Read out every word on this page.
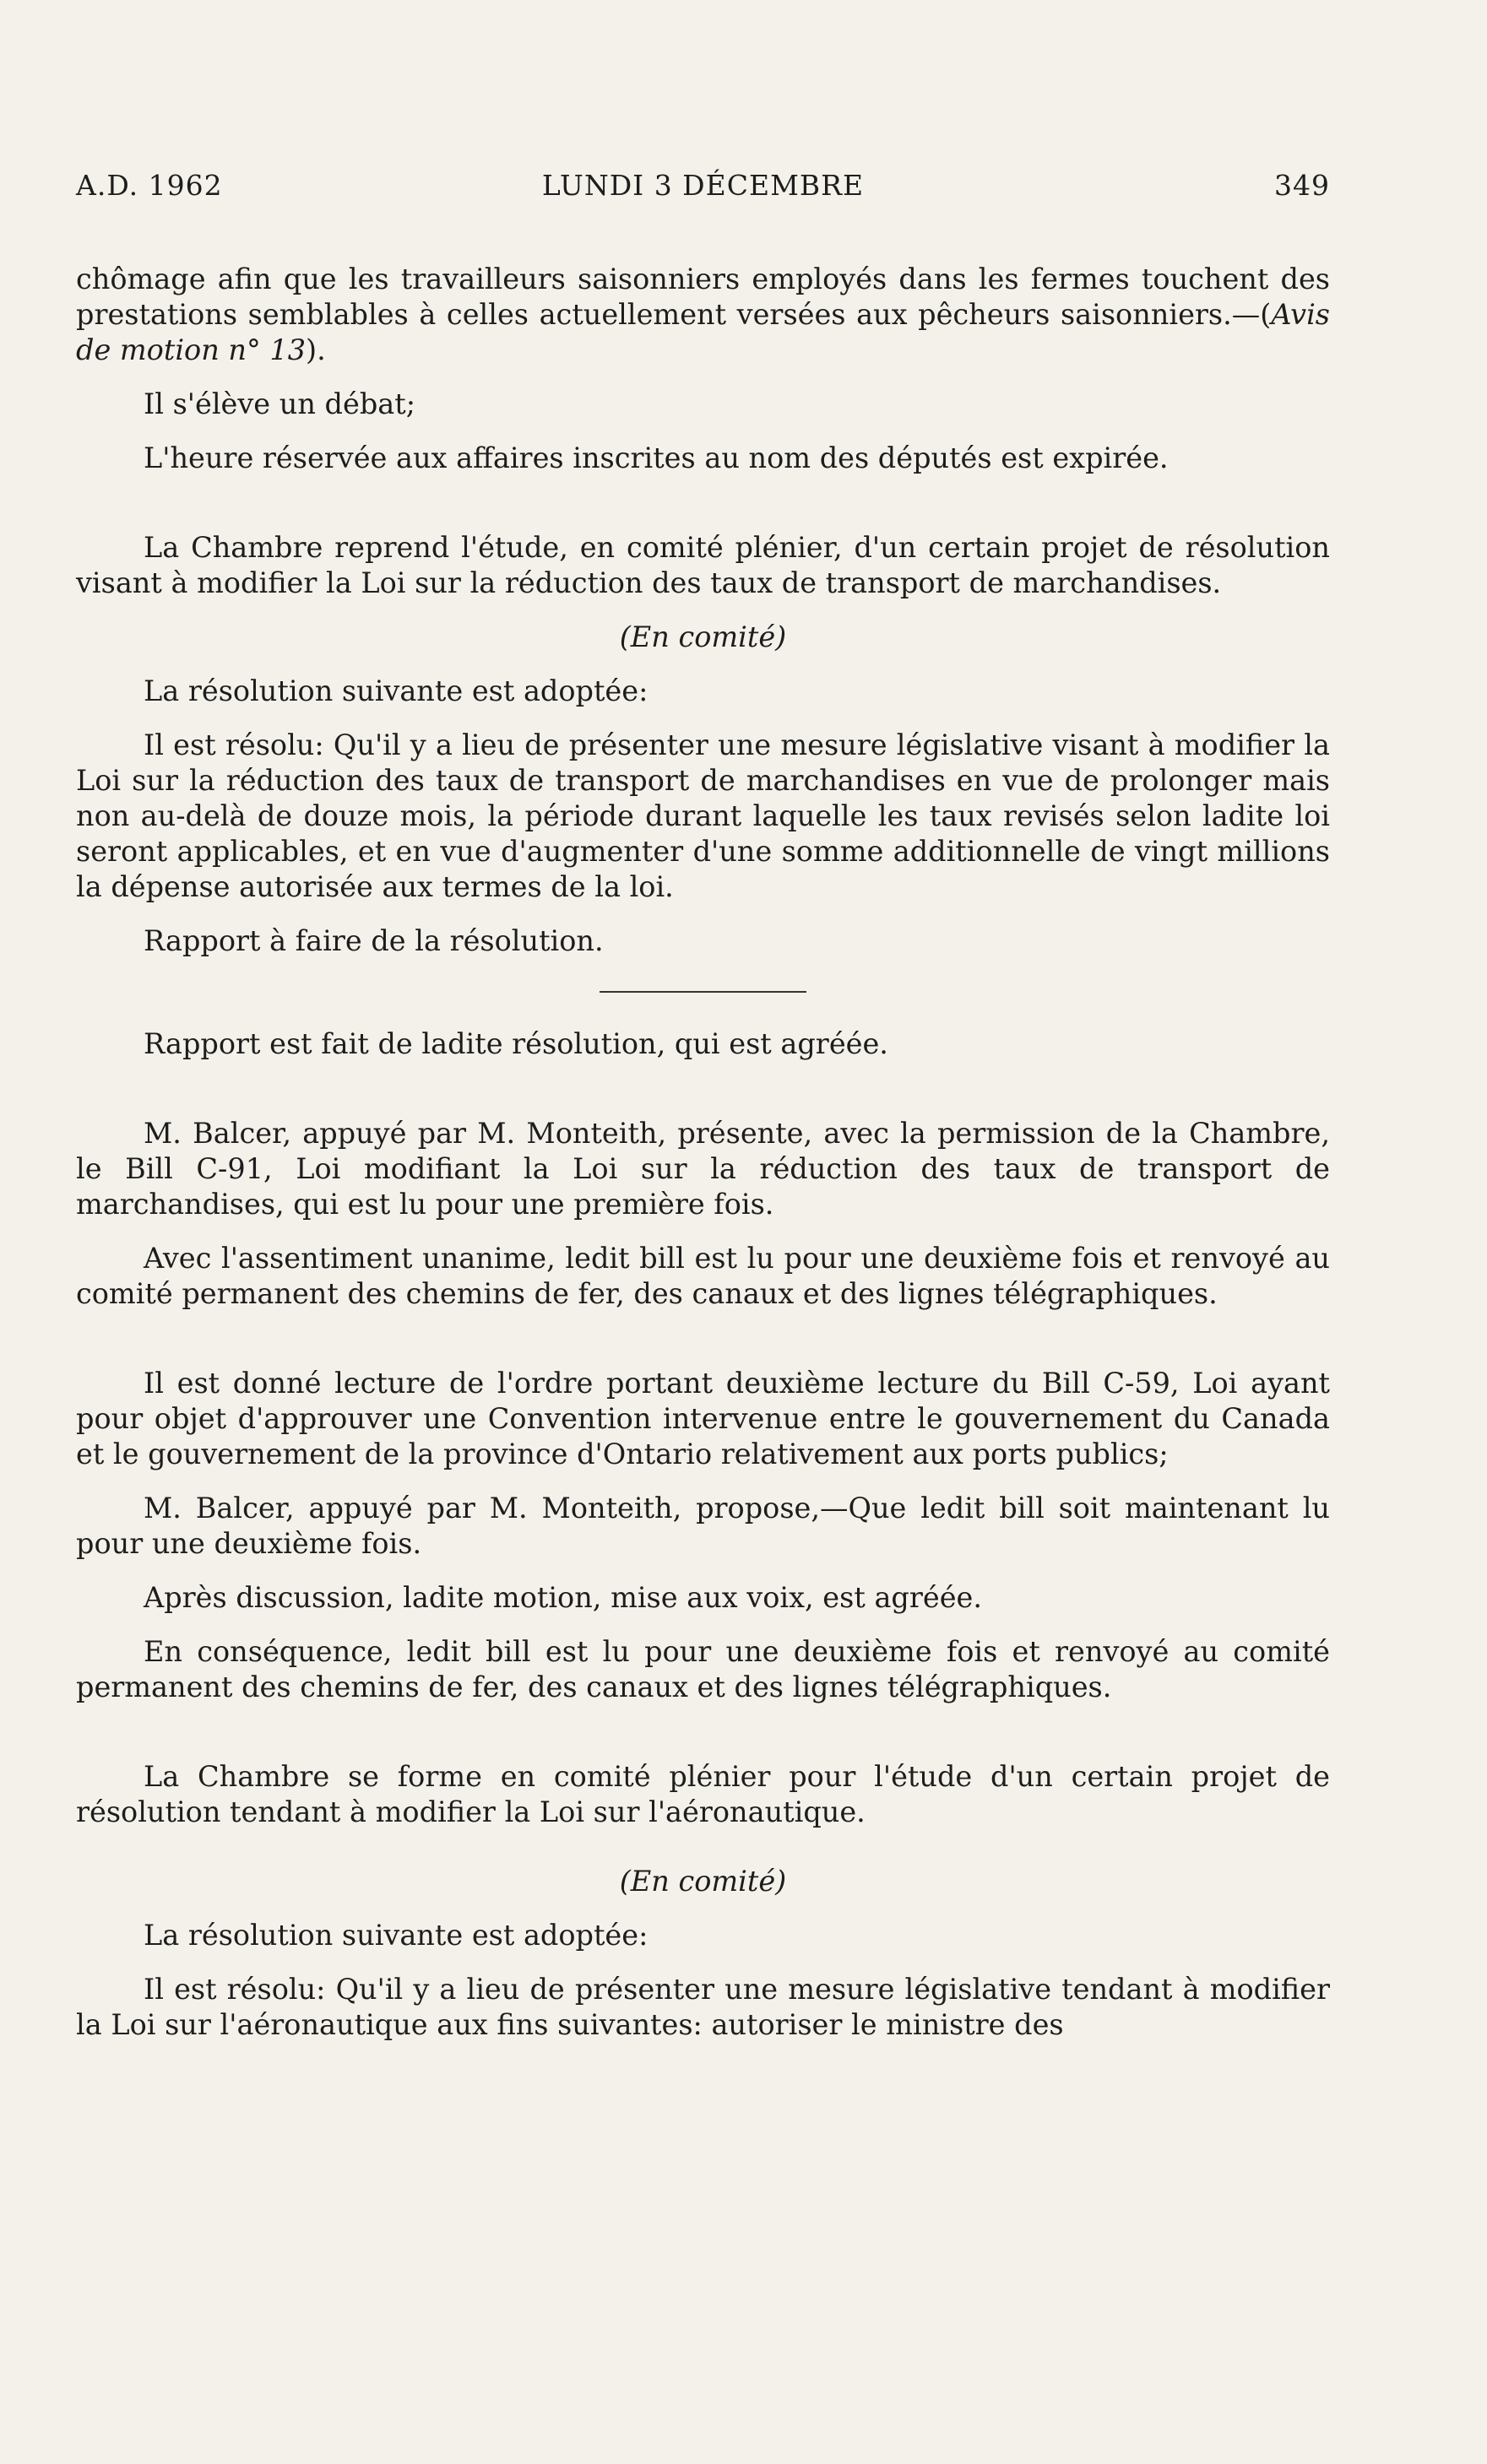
A.D. 1962	LUNDI 3 DÉCEMBRE	349

chômage afin que les travailleurs saisonniers employés dans les fermes touchent des prestations semblables à celles actuellement versées aux pêcheurs saisonniers.—(Avis de motion n° 13).

Il s'élève un débat;

L'heure réservée aux affaires inscrites au nom des députés est expirée.

La Chambre reprend l'étude, en comité plénier, d'un certain projet de résolution visant à modifier la Loi sur la réduction des taux de transport de marchandises.

(En comité)

La résolution suivante est adoptée:

Il est résolu: Qu'il y a lieu de présenter une mesure législative visant à modifier la Loi sur la réduction des taux de transport de marchandises en vue de prolonger mais non au-delà de douze mois, la période durant laquelle les taux revisés selon ladite loi seront applicables, et en vue d'augmenter d'une somme additionnelle de vingt millions la dépense autorisée aux termes de la loi.

Rapport à faire de la résolution.

Rapport est fait de ladite résolution, qui est agréée.

M. Balcer, appuyé par M. Monteith, présente, avec la permission de la Chambre, le Bill C-91, Loi modifiant la Loi sur la réduction des taux de transport de marchandises, qui est lu pour une première fois.

Avec l'assentiment unanime, ledit bill est lu pour une deuxième fois et renvoyé au comité permanent des chemins de fer, des canaux et des lignes télégraphiques.

Il est donné lecture de l'ordre portant deuxième lecture du Bill C-59, Loi ayant pour objet d'approuver une Convention intervenue entre le gouvernement du Canada et le gouvernement de la province d'Ontario relativement aux ports publics;

M. Balcer, appuyé par M. Monteith, propose,—Que ledit bill soit maintenant lu pour une deuxième fois.

Après discussion, ladite motion, mise aux voix, est agréée.

En conséquence, ledit bill est lu pour une deuxième fois et renvoyé au comité permanent des chemins de fer, des canaux et des lignes télégraphiques.

La Chambre se forme en comité plénier pour l'étude d'un certain projet de résolution tendant à modifier la Loi sur l'aéronautique.

(En comité)

La résolution suivante est adoptée:

Il est résolu: Qu'il y a lieu de présenter une mesure législative tendant à modifier la Loi sur l'aéronautique aux fins suivantes: autoriser le ministre des
